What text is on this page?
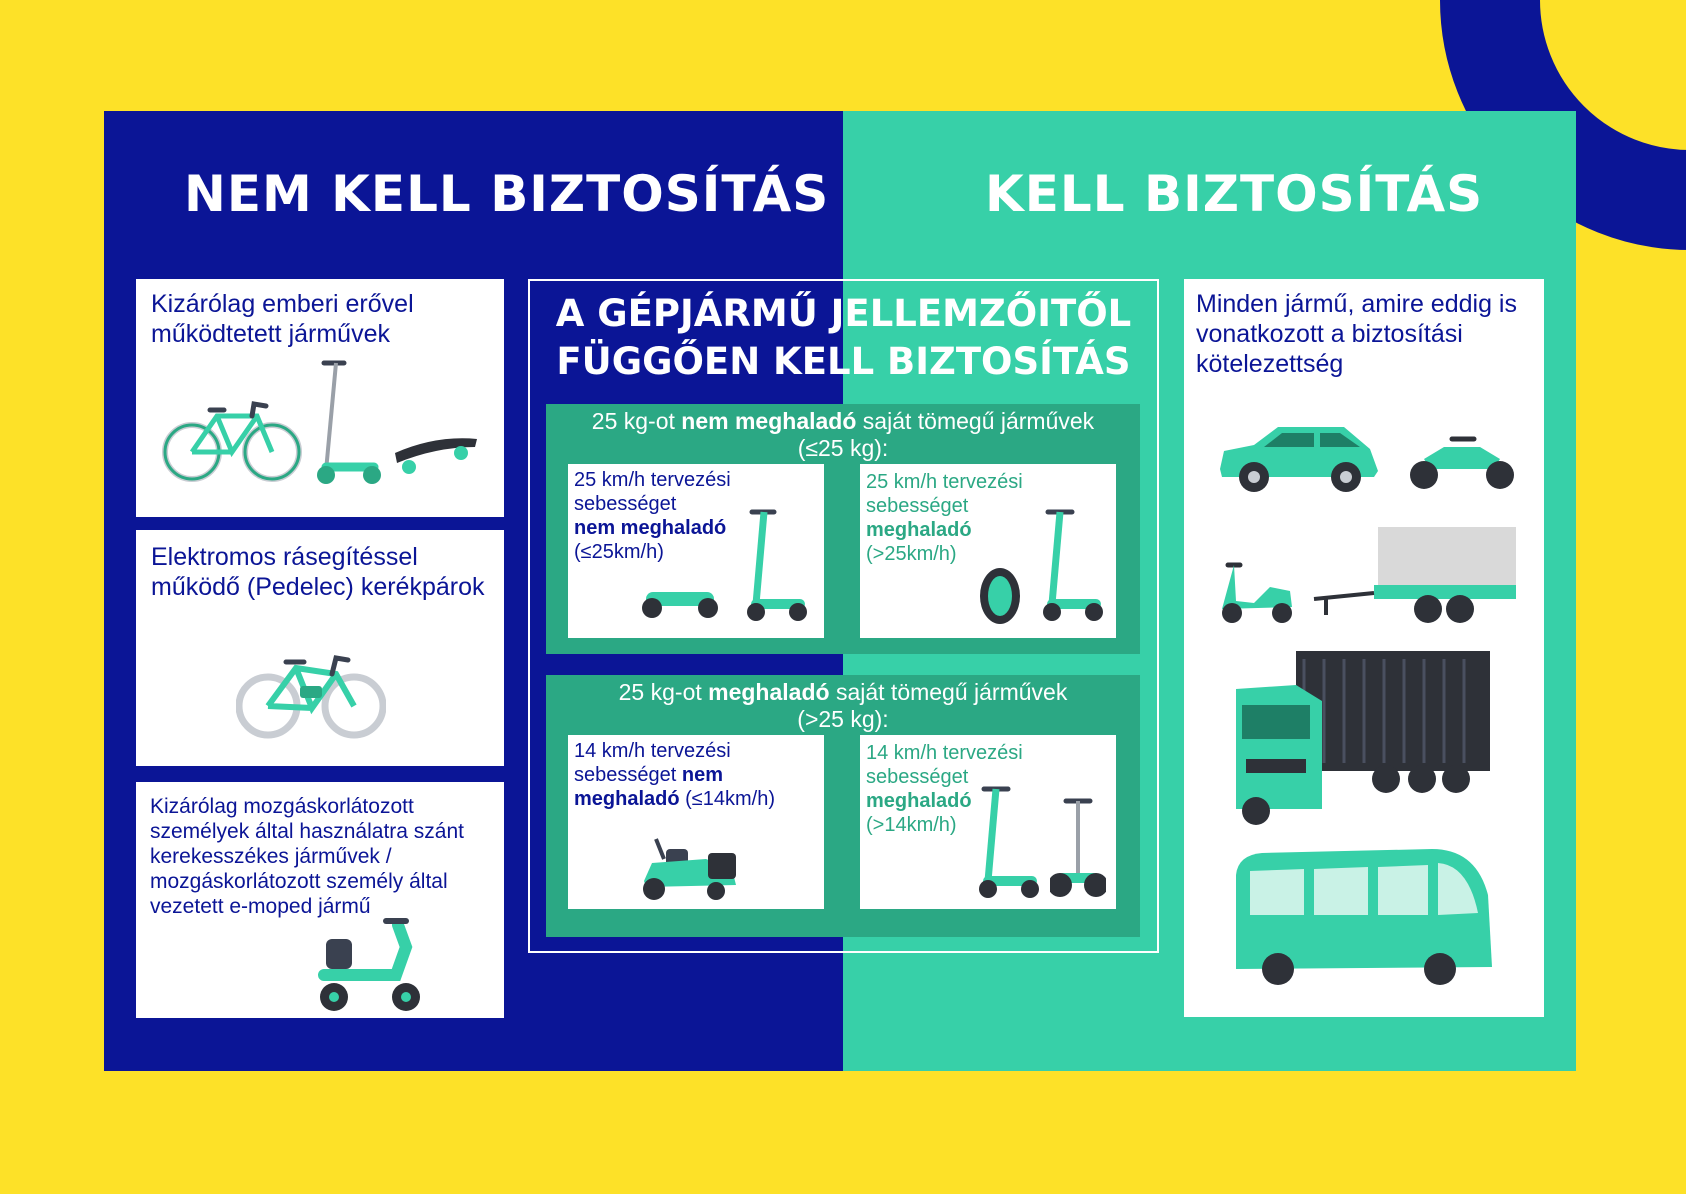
NEM KELL BIZTOSÍTÁS	KELL BIZTOSÍTÁS
Kizárólag emberi erővel működtetett járművek
Elektromos rásegítéssel működő (Pedelec) kerékpárok
Kizárólag mozgáskorlátozott személyek által használatra szánt kerekesszékes járművek / mozgáskorlátozott személy által vezetett e-moped jármű
A GÉPJÁRMŰ JELLEMZŐITŐL FÜGGŐEN KELL BIZTOSÍTÁS
25 kg-ot nem meghaladó saját tömegű járművek
(≤25 kg):
25 km/h tervezési
sebességet
nem meghaladó
(≤25km/h)
25 km/h tervezési
sebességet
meghaladó
(>25km/h)
25 kg-ot meghaladó saját tömegű járművek
(>25 kg):
14 km/h tervezési
sebességet nem
meghaladó (≤14km/h)
14 km/h tervezési
sebességet
meghaladó
(>14km/h)
Minden jármű, amire eddig is vonatkozott a biztosítási kötelezettség
